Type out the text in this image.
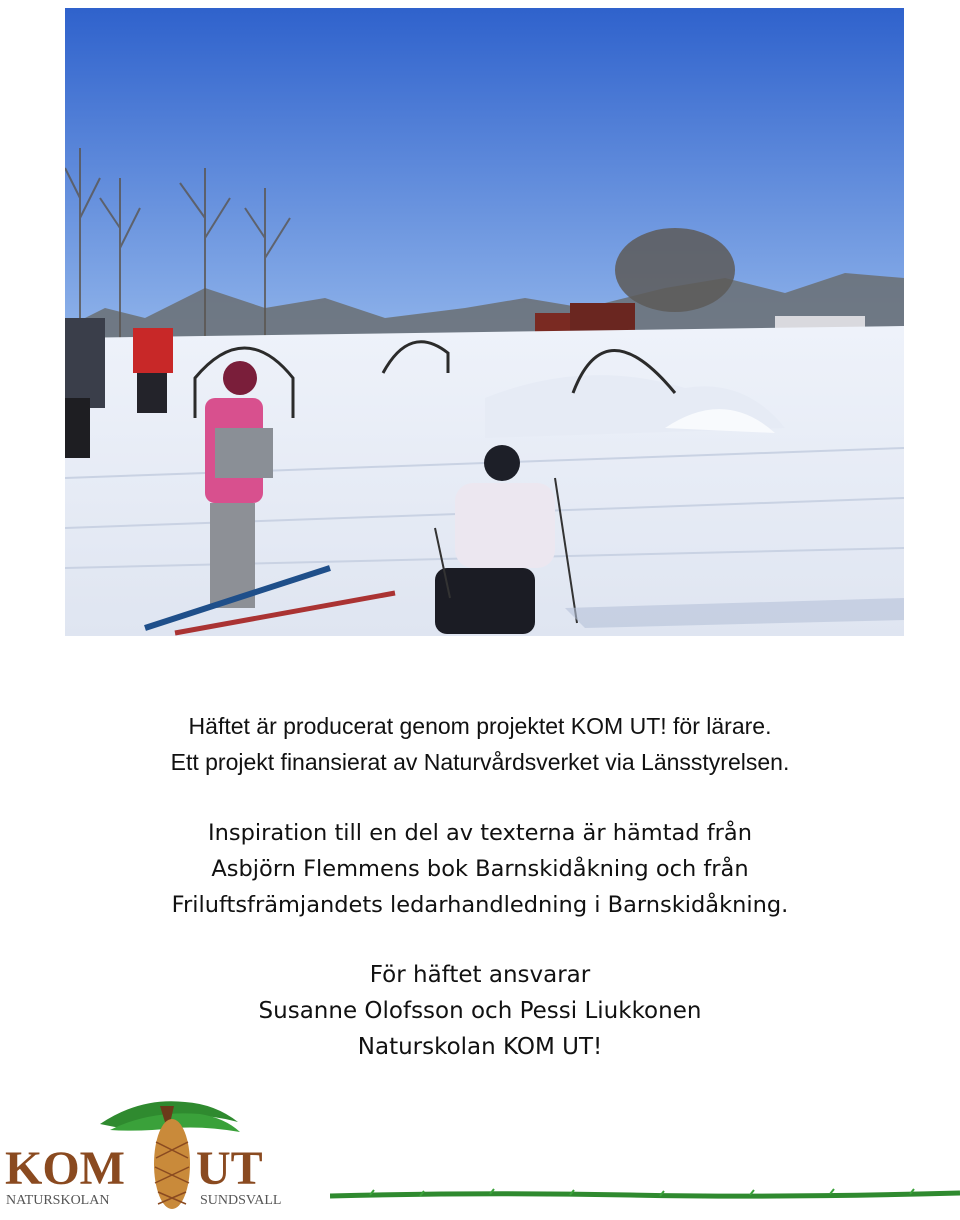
Häftet är producerat genom projektet KOM UT! för lärare.

Ett projekt finansierat av Naturvårdsverket via Länsstyrelsen.

Inspiration till en del av texterna är hämtad från

Asbjörn Flemmens bok Barnskidåkning och från

Friluftsfrämjandets ledarhandledning i Barnskidåkning.

För häftet ansvarar

Susanne Olofsson och Pessi Liukkonen

Naturskolan KOM UT!

KOM UT
NATURSKOLAN	SUNDSVALL
